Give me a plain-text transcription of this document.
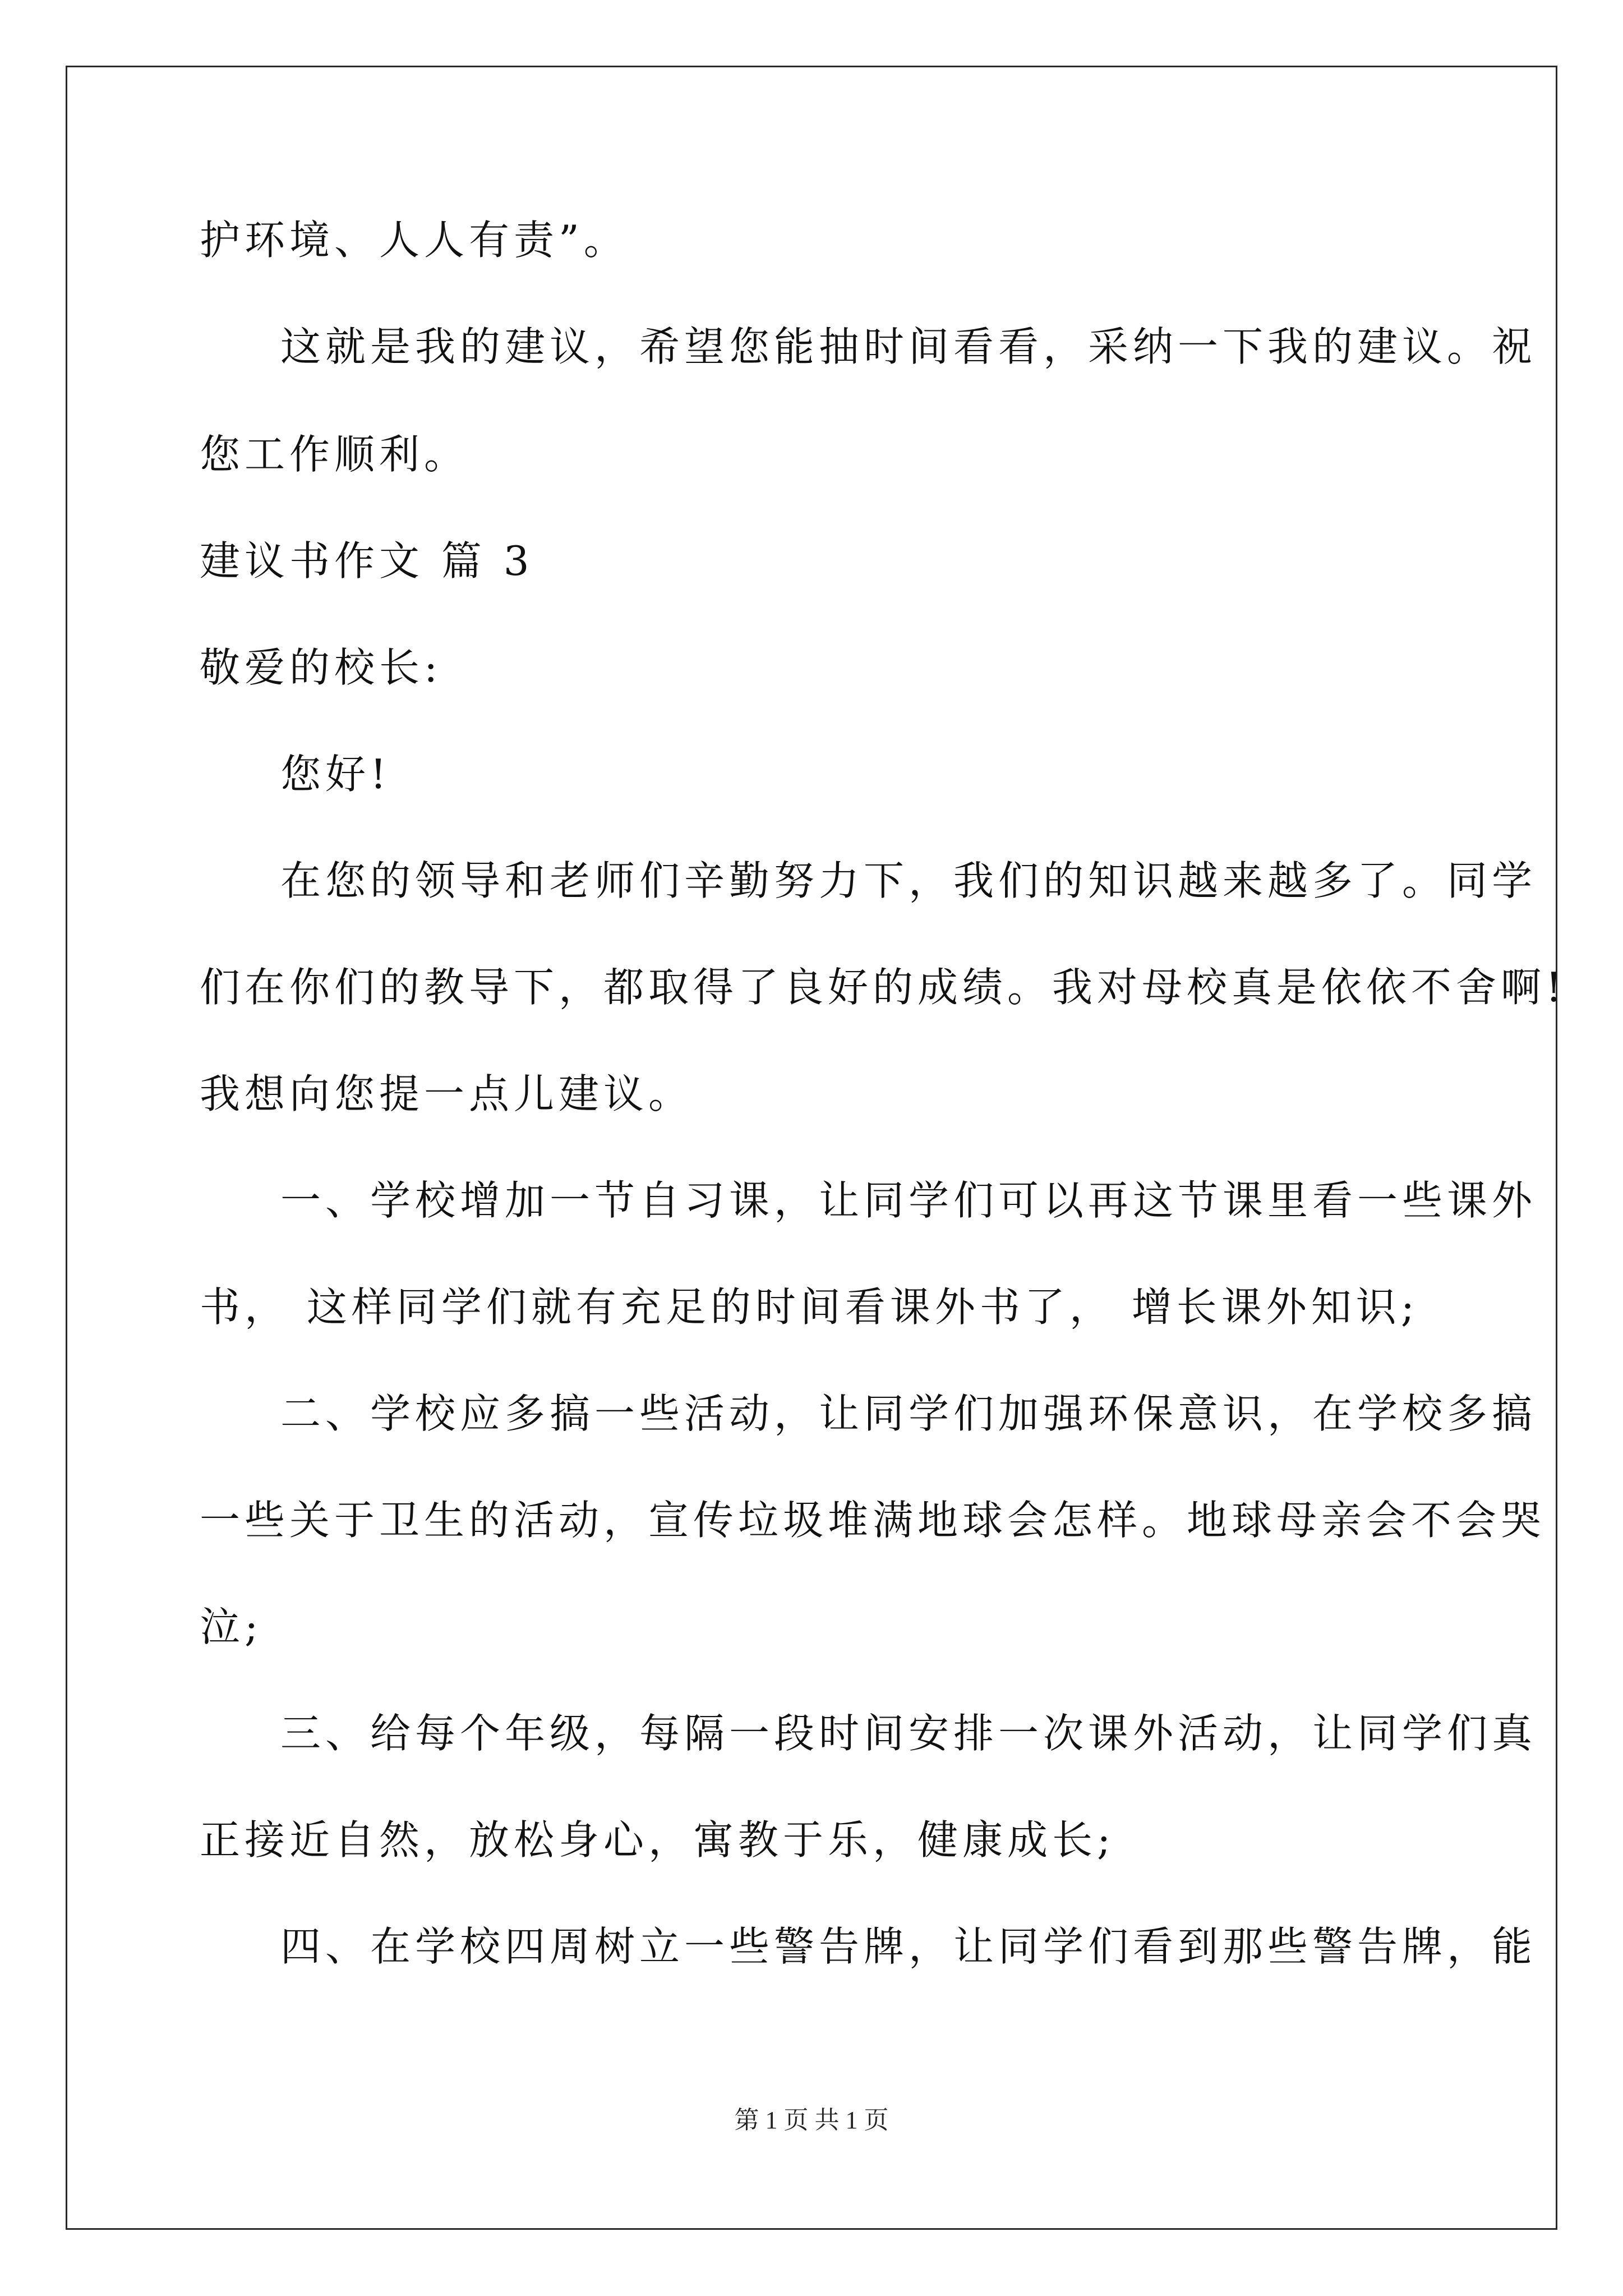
护环境、人人有责”。
这就是我的建议，希望您能抽时间看看，采纳一下我的建议。祝
您工作顺利。
建议书作文 篇 3
敬爱的校长:
您好!
在您的领导和老师们辛勤努力下，我们的知识越来越多了。同学
们在你们的教导下，都取得了良好的成绩。我对母校真是依依不舍啊!
我想向您提一点儿建议。
一、学校增加一节自习课，让同学们可以再这节课里看一些课外
书， 这样同学们就有充足的时间看课外书了， 增长课外知识;
二、学校应多搞一些活动，让同学们加强环保意识，在学校多搞
一些关于卫生的活动，宣传垃圾堆满地球会怎样。地球母亲会不会哭
泣;
三、给每个年级，每隔一段时间安排一次课外活动，让同学们真
正接近自然，放松身心，寓教于乐，健康成长;
四、在学校四周树立一些警告牌，让同学们看到那些警告牌，能
第 1 页 共 1 页
